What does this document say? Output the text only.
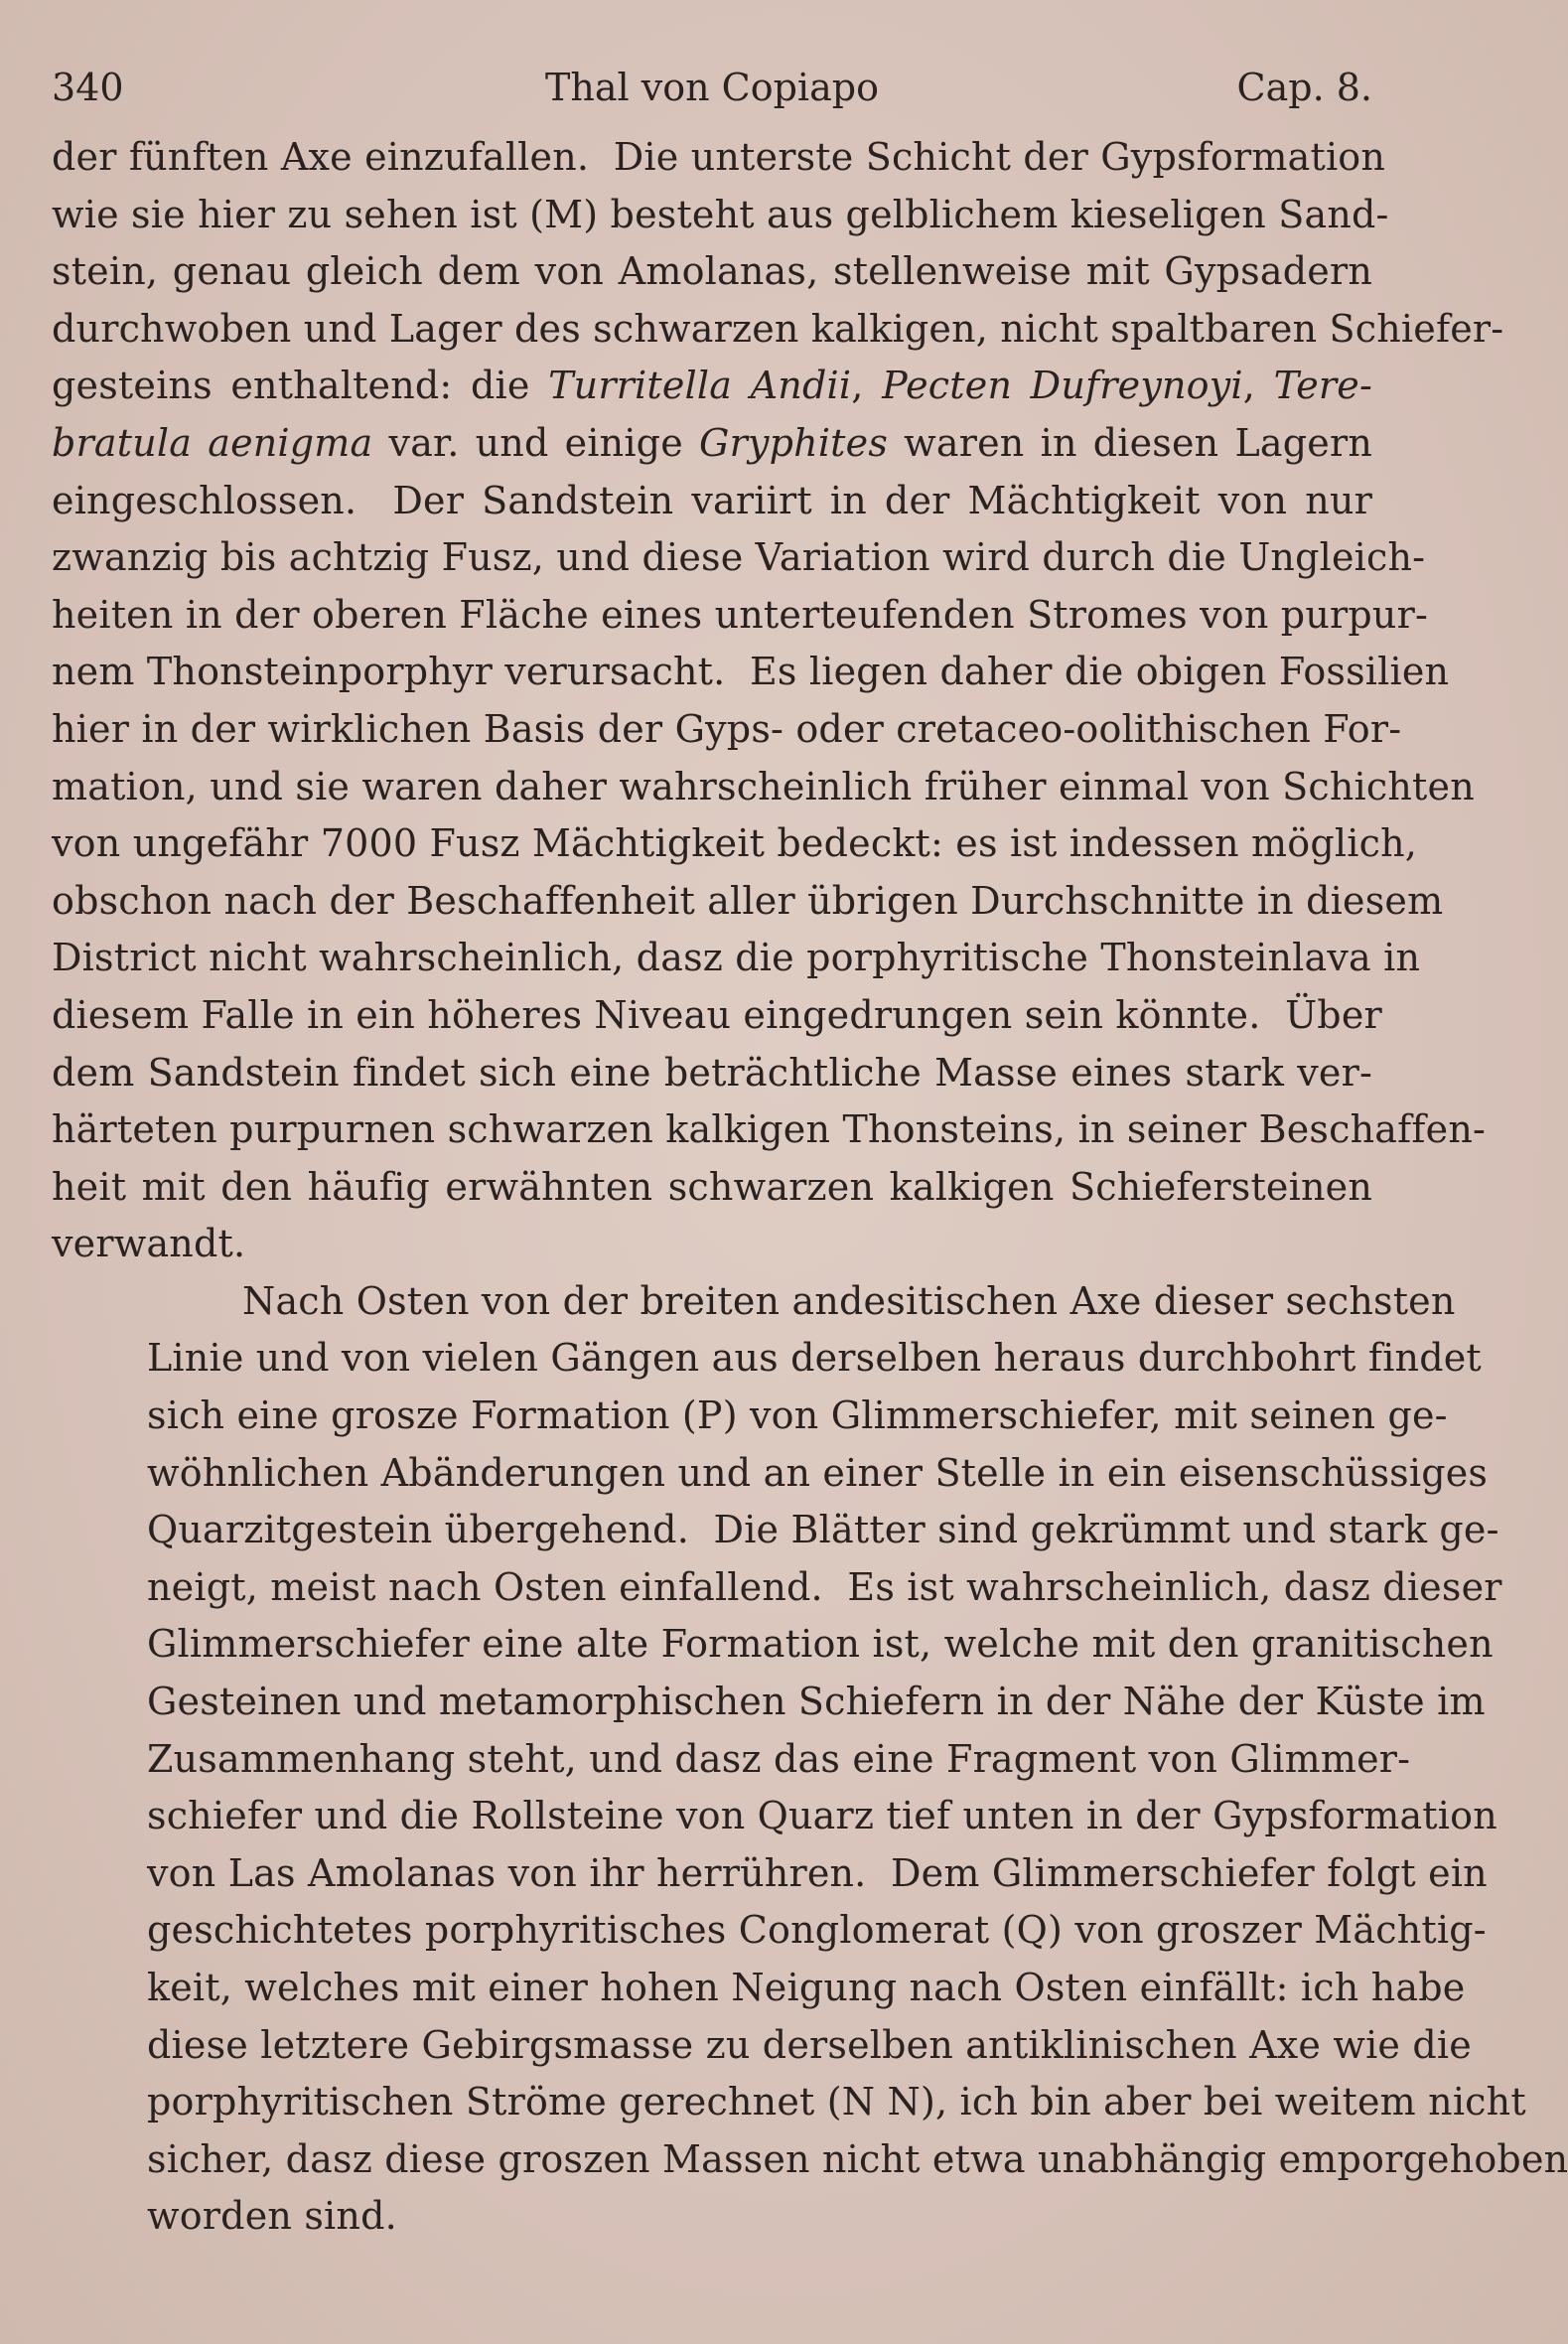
340	Thal von Copiapo	Cap. 8.

der fünften Axe einzufallen.  Die unterste Schicht der Gypsformation
wie sie hier zu sehen ist (M) besteht aus gelblichem kieseligen Sand-
stein, genau gleich dem von Amolanas, stellenweise mit Gypsadern
durchwoben und Lager des schwarzen kalkigen, nicht spaltbaren Schiefer-
gesteins enthaltend: die Turritella Andii, Pecten Dufreynoyi, Tere-
bratula aenigma var. und einige Gryphites waren in diesen Lagern
eingeschlossen.  Der Sandstein variirt in der Mächtigkeit von nur
zwanzig bis achtzig Fusz, und diese Variation wird durch die Ungleich-
heiten in der oberen Fläche eines unterteufenden Stromes von purpur-
nem Thonsteinporphyr verursacht.  Es liegen daher die obigen Fossilien
hier in der wirklichen Basis der Gyps- oder cretaceo-oolithischen For-
mation, und sie waren daher wahrscheinlich früher einmal von Schichten
von ungefähr 7000 Fusz Mächtigkeit bedeckt: es ist indessen möglich,
obschon nach der Beschaffenheit aller übrigen Durchschnitte in diesem
District nicht wahrscheinlich, dasz die porphyritische Thonsteinlava in
diesem Falle in ein höheres Niveau eingedrungen sein könnte.  Über
dem Sandstein findet sich eine beträchtliche Masse eines stark ver-
härteten purpurnen schwarzen kalkigen Thonsteins, in seiner Beschaffen-
heit mit den häufig erwähnten schwarzen kalkigen Schiefersteinen
verwandt.

Nach Osten von der breiten andesitischen Axe dieser sechsten
Linie und von vielen Gängen aus derselben heraus durchbohrt findet
sich eine grosze Formation (P) von Glimmerschiefer, mit seinen ge-
wöhnlichen Abänderungen und an einer Stelle in ein eisenschüssiges
Quarzitgestein übergehend.  Die Blätter sind gekrümmt und stark ge-
neigt, meist nach Osten einfallend.  Es ist wahrscheinlich, dasz dieser
Glimmerschiefer eine alte Formation ist, welche mit den granitischen
Gesteinen und metamorphischen Schiefern in der Nähe der Küste im
Zusammenhang steht, und dasz das eine Fragment von Glimmer-
schiefer und die Rollsteine von Quarz tief unten in der Gypsformation
von Las Amolanas von ihr herrühren.  Dem Glimmerschiefer folgt ein
geschichtetes porphyritisches Conglomerat (Q) von groszer Mächtig-
keit, welches mit einer hohen Neigung nach Osten einfällt: ich habe
diese letztere Gebirgsmasse zu derselben antiklinischen Axe wie die
porphyritischen Ströme gerechnet (N N), ich bin aber bei weitem nicht
sicher, dasz diese groszen Massen nicht etwa unabhängig emporgehoben
worden sind.
